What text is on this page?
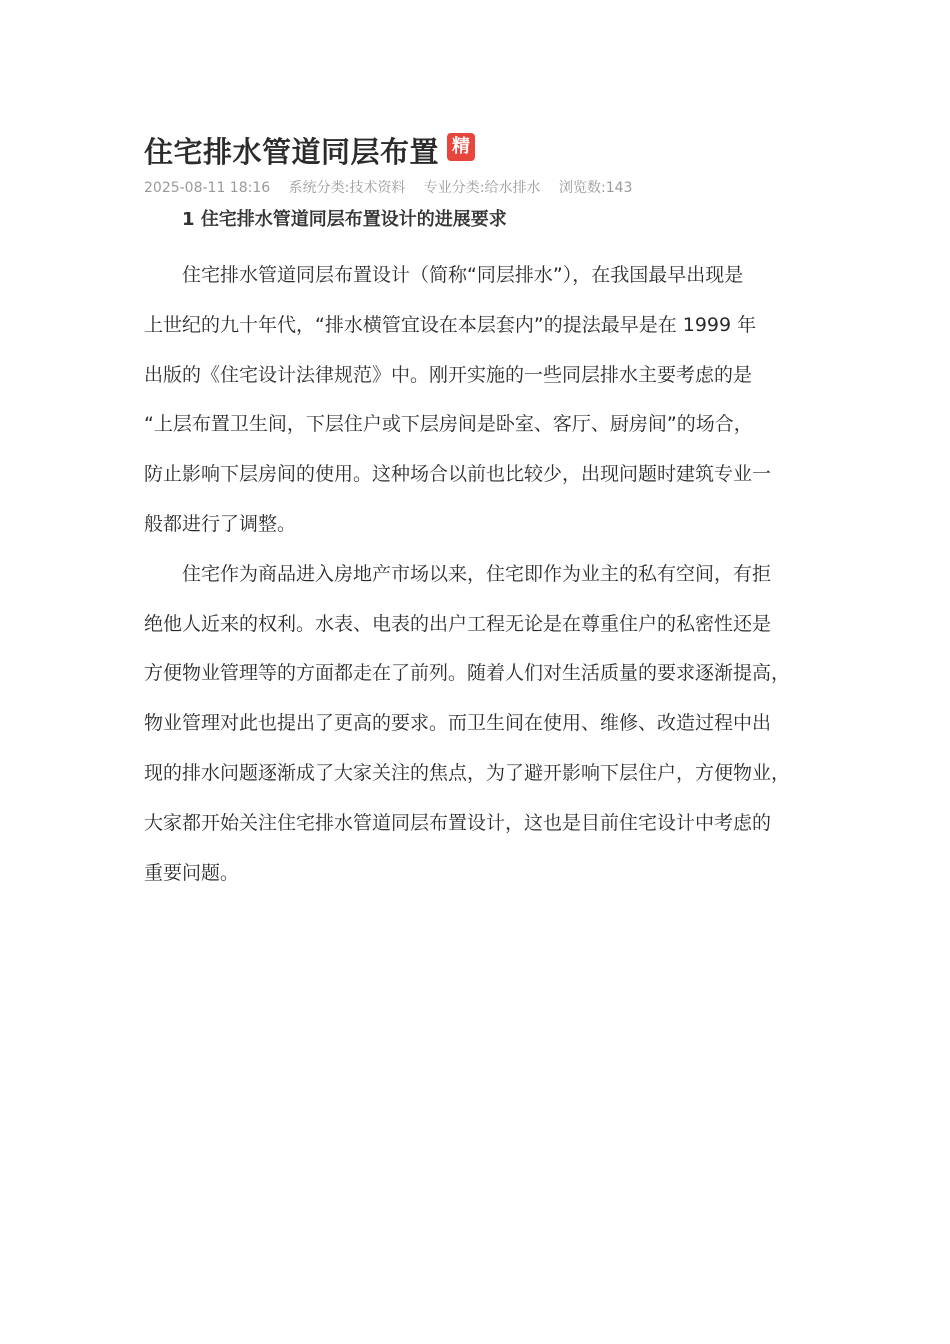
住宅排水管道同层布置 精
2025-08-11 18:16 系统分类:技术资料 专业分类:给水排水 浏览数:143
1 住宅排水管道同层布置设计的进展要求
住宅排水管道同层布置设计（简称“同层排水”），在我国最早出现是
上世纪的九十年代，“排水横管宜设在本层套内”的提法最早是在 1999 年
出版的《住宅设计法律规范》中。刚开实施的一些同层排水主要考虑的是
“上层布置卫生间，下层住户或下层房间是卧室、客厅、厨房间”的场合，
防止影响下层房间的使用。这种场合以前也比较少，出现问题时建筑专业一
般都进行了调整。
住宅作为商品进入房地产市场以来，住宅即作为业主的私有空间，有拒
绝他人近来的权利。水表、电表的出户工程无论是在尊重住户的私密性还是
方便物业管理等的方面都走在了前列。随着人们对生活质量的要求逐渐提高，
物业管理对此也提出了更高的要求。而卫生间在使用、维修、改造过程中出
现的排水问题逐渐成了大家关注的焦点，为了避开影响下层住户，方便物业，
大家都开始关注住宅排水管道同层布置设计，这也是目前住宅设计中考虑的
重要问题。
